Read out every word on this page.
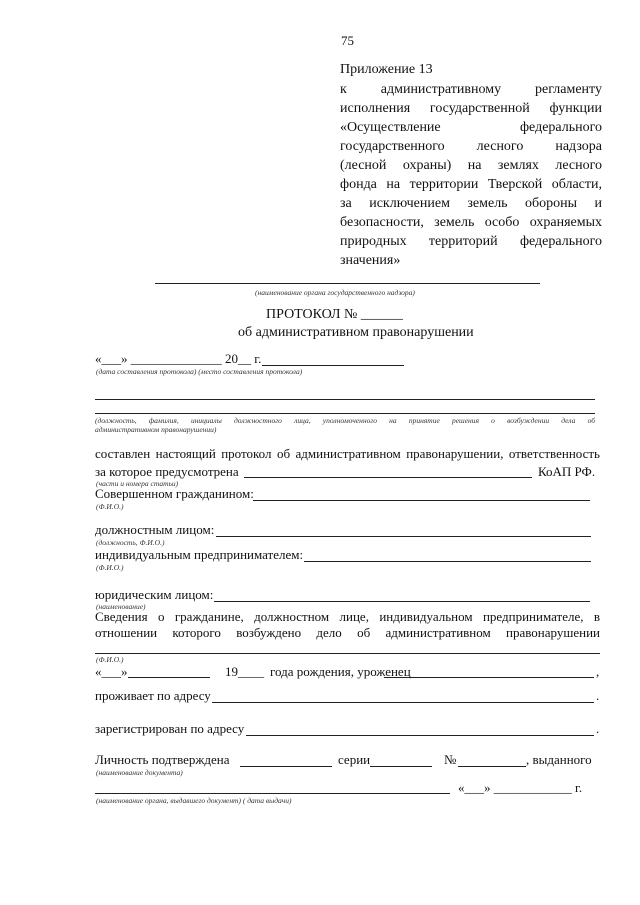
75
Приложение 13
к административному регламенту
исполнения государственной функции
«Осуществление федерального
государственного лесного надзора
(лесной охраны) на землях лесного
фонда на территории Тверской области,
за исключением земель обороны и
безопасности, земель особо охраняемых
природных территорий федерального
значения»
(наименование органа государственного надзора)
ПРОТОКОЛ № ______
об административном правонарушении
«___» ______________ 20__ г.
(дата составления протокола) (место составления протокола)
(должность, фамилия, инициалы должностного лица, уполномоченного на принятие решения о возбуждении дела об
административном правонарушении)
составлен настоящий протокол об административном правонарушении, ответственность
за которое предусмотрена	КоАП РФ.
(части и номера статьи)
Совершенном гражданином:
(Ф.И.О.)
должностным лицом:
(должность, Ф.И.О.)
индивидуальным предпринимателем:
(Ф.И.О.)
юридическим лицом:
(наименование)
Сведения о гражданине, должностном лице, индивидуальном предпринимателе, в
отношении которого возбуждено дело об административном правонарушении
(Ф.И.О.)
«___»	19____ года рождения, уроженец	,
проживает по адресу	.
зарегистрирован по адресу	.
Личность подтверждена	серии	№	, выданного
(наименование документа)
«___» ____________ г.
(наименование органа, выдавшего документ) ( дата выдачи)
